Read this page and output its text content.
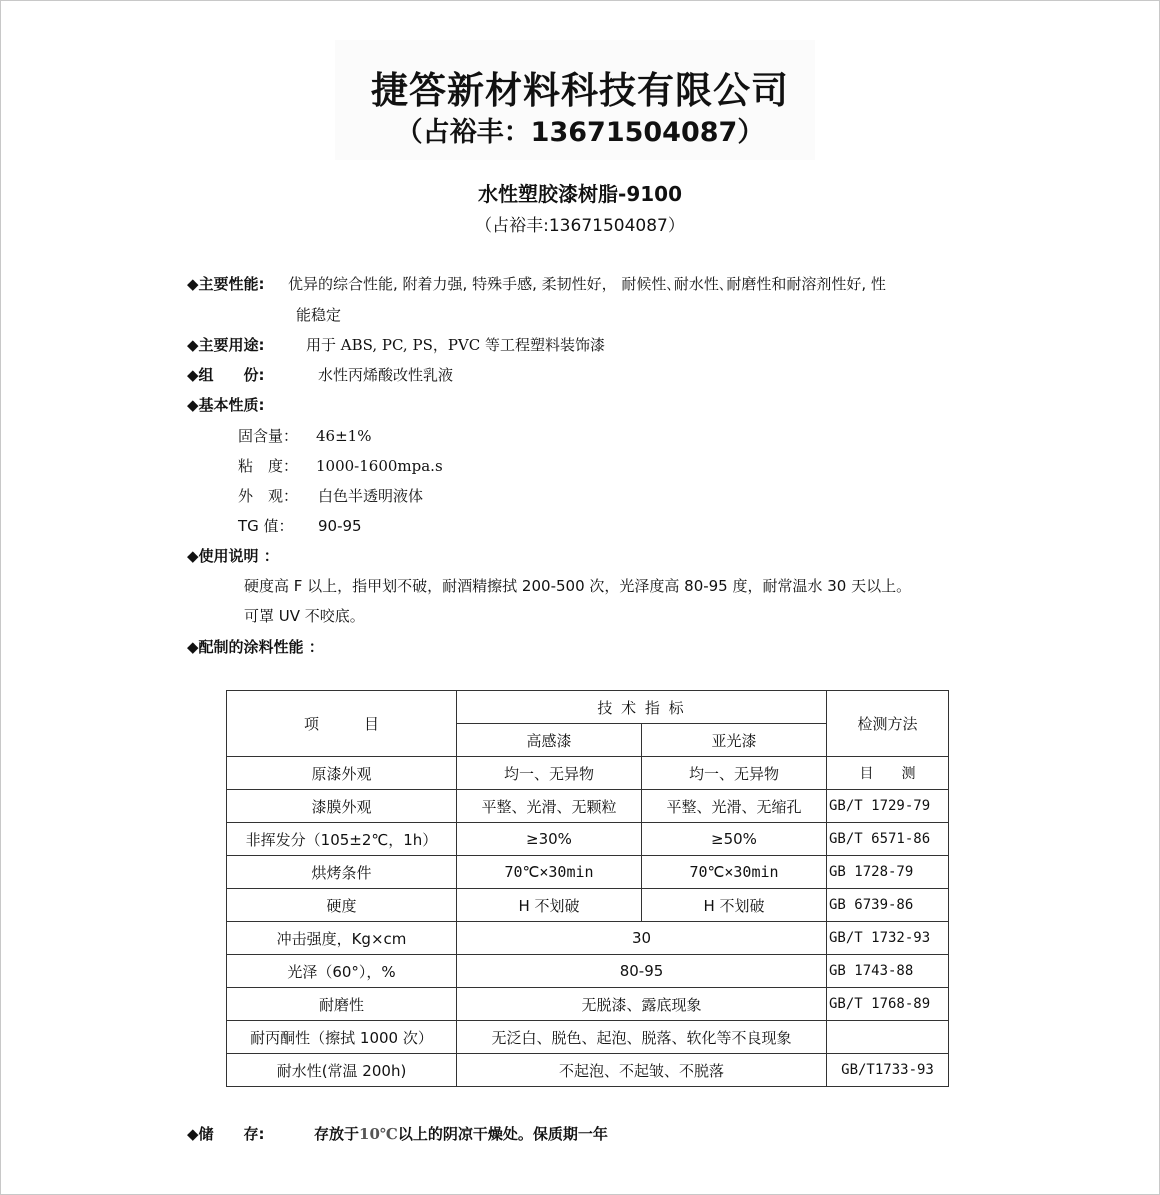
捷答新材料科技有限公司
（占裕丰：13671504087）
水性塑胶漆树脂-9100
（占裕丰:13671504087）
◆主要性能: 优异的综合性能, 附着力强, 特殊手感, 柔韧性好， 耐候性､耐水性､耐磨性和耐溶剂性好, 性
能稳定
◆主要用途:	用于 ABS, PC, PS，PVC 等工程塑料装饰漆
◆组　　份:	水性丙烯酸改性乳液
◆基本性质:
固含量： 46±1%
粘　度： 1000-1600mpa.s
外　观： 白色半透明液体
TG 值： 90-95
◆使用说明 ：
硬度高 F 以上，指甲划不破，耐酒精擦拭 200-500 次，光泽度高 80-95 度，耐常温水 30 天以上。
可罩 UV 不咬底。
◆配制的涂料性能 ：
项　　　目	技 术 指 标		检测方法
	高感漆	亚光漆	
原漆外观	均一、无异物	均一、无异物	目　　测
漆膜外观	平整、光滑、无颗粒	平整、光滑、无缩孔	GB/T 1729-79
非挥发分（105±2℃，1h）	≥30%	≥50%	GB/T 6571-86
烘烤条件	70℃×30min	70℃×30min	GB 1728-79
硬度	H 不划破	H 不划破	GB 6739-86
冲击强度，Kg×cm	30		GB/T 1732-93
光泽（60°），%	80-95		GB 1743-88
耐磨性	无脱漆、露底现象		GB/T 1768-89
耐丙酮性（擦拭 1000 次）	无泛白、脱色、起泡、脱落、软化等不良现象		
耐水性(常温 200h)	不起泡、不起皱、不脱落		GB/T1733-93
◆储　　存:	存放于10℃以上的阴凉干燥处。保质期一年
